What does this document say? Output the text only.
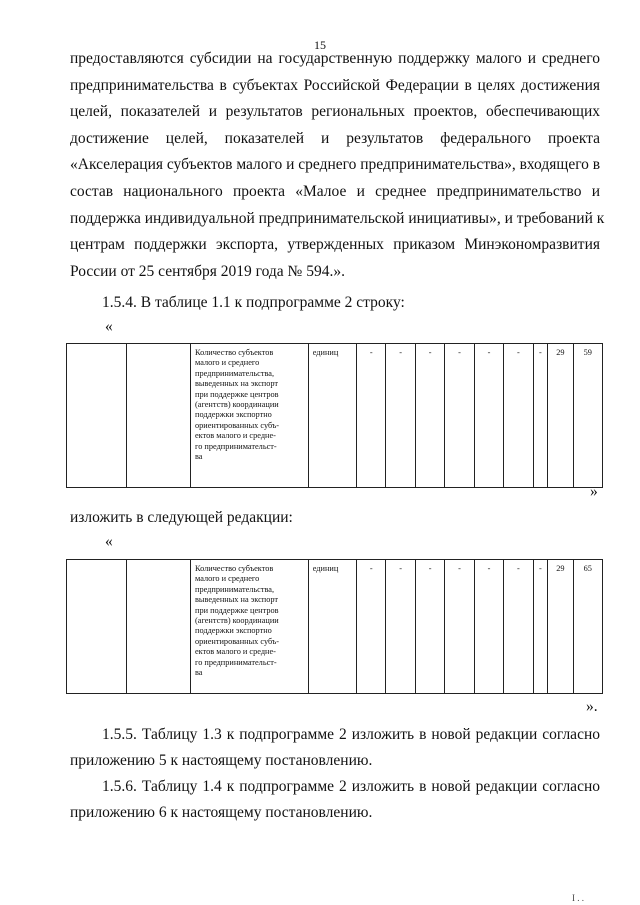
15
предоставляются субсидии на государственную поддержку малого и среднего
предпринимательства в субъектах Российской Федерации в целях достижения
целей, показателей и результатов региональных проектов, обеспечивающих
достижение целей, показателей и результатов федерального проекта
«Акселерация субъектов малого и среднего предпринимательства», входящего в
состав национального проекта «Малое и среднее предпринимательство и
поддержка индивидуальной предпринимательской инициативы», и требований к
центрам поддержки экспорта, утвержденных приказом Минэкономразвития
России от 25 сентября 2019 года № 594.».
1.5.4. В таблице 1.1 к подпрограмме 2 строку:
«

Количество субъектов
малого и среднего
предпринимательства,
выведенных на экспорт
при поддержке центров
(агентств) координации
поддержки экспортно
ориентированных субъ-
ектов малого и средне-
го предпринимательст-
ва
	единиц	-	-	-	-	-	-	-	29	59
»
изложить в следующей редакции:
«

Количество субъектов
малого и среднего
предпринимательства,
выведенных на экспорт
при поддержке центров
(агентств) координации
поддержки экспортно
ориентированных субъ-
ектов малого и средне-
го предпринимательст-
ва
	единиц	-	-	-	-	-	-	-	29	65
».
1.5.5. Таблицу 1.3 к подпрограмме 2 изложить в новой редакции согласно
приложению 5 к настоящему постановлению.
1.5.6. Таблицу 1.4 к подпрограмме 2 изложить в новой редакции согласно
приложению 6 к настоящему постановлению.
I . .
